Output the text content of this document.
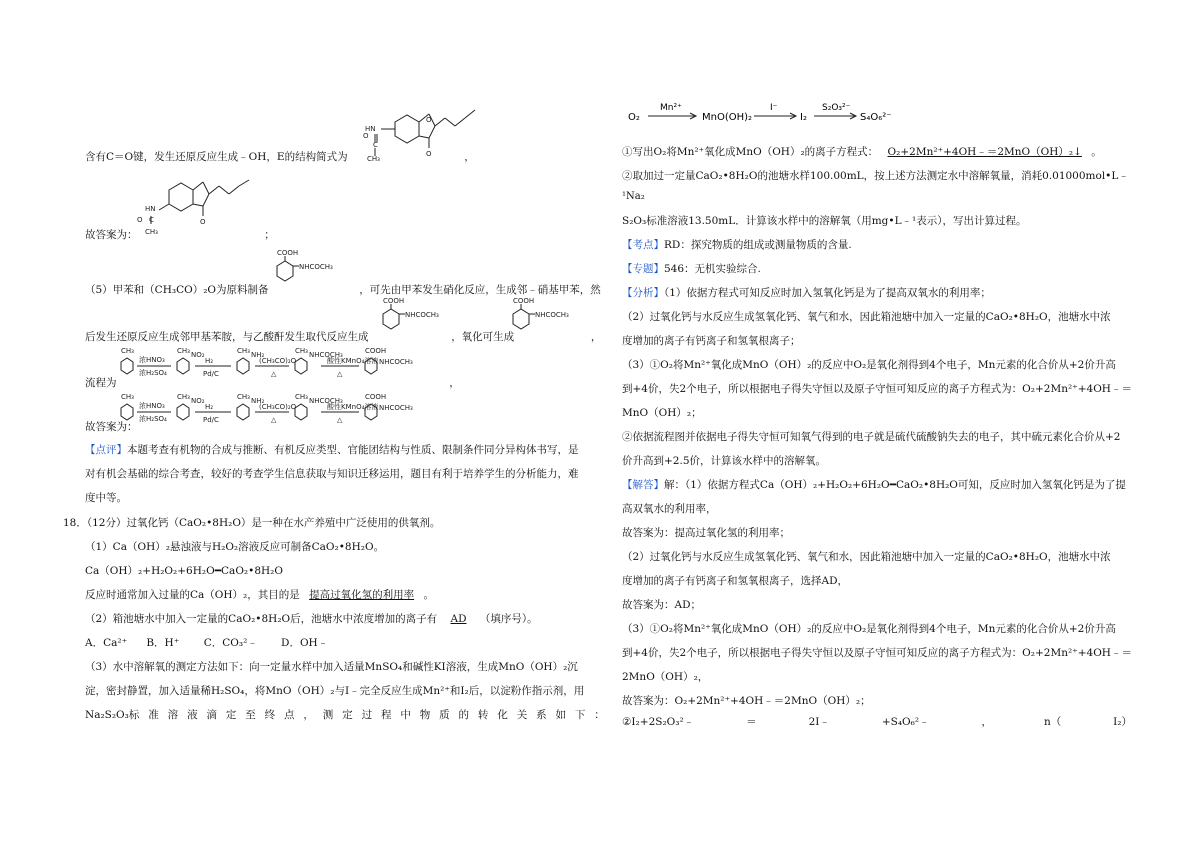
HN
O
O
C
O
CH₃
含有C＝O键，发生还原反应生成﹣OH，E的结构简式为	，
HN
O
C
O
CH₃
故答案为：	；
COOH
NHCOCH₃
（5）甲苯和（CH₃CO）₂O为原料制备	，可先由甲苯发生硝化反应，生成邻﹣硝基甲苯，然
COOH
NHCOCH₃
COOH
NHCOCH₃
后发生还原反应生成邻甲基苯胺，与乙酸酐发生取代反应生成	，氧化可生成	，
CH₃
浓HNO₃
浓H₂SO₄
CH₃ NO₂
H₂
Pd/C
CH₃ NH₂
(CH₃CO)₂O
△
CH₃ NHCOCH₃
酸性KMnO₄溶液
△
COOH
NHCOCH₃
流程为	，
CH₃
浓HNO₃
浓H₂SO₄
CH₃ NO₂
H₂
Pd/C
CH₃ NH₂
(CH₃CO)₂O
△
CH₃ NHCOCH₃
酸性KMnO₄溶液
△
COOH
NHCOCH₃
故答案为：
【点评】本题考查有机物的合成与推断、有机反应类型、官能团结构与性质、限制条件同分异构体书写，是
对有机会基础的综合考查，较好的考查学生信息获取与知识迁移运用，题目有利于培养学生的分析能力，难
度中等。
18．（12分）过氧化钙（CaO₂•8H₂O）是一种在水产养殖中广泛使用的供氧剂。
（1）Ca（OH）₂悬浊液与H₂O₂溶液反应可制备CaO₂•8H₂O。
Ca（OH）₂+H₂O₂+6H₂O━CaO₂•8H₂O
反应时通常加入过量的Ca（OH）₂，其目的是 提高过氧化氢的利用率 。
（2）箱池塘水中加入一定量的CaO₂•8H₂O后，池塘水中浓度增加的离子有 AD （填序号）。
A．Ca²⁺ B．H⁺ C．CO₃²﹣ D．OH﹣
（3）水中溶解氧的测定方法如下：向一定量水样中加入适量MnSO₄和碱性KI溶液，生成MnO（OH）₂沉
淀，密封静置，加入适量稀H₂SO₄，将MnO（OH）₂与I﹣完全反应生成Mn²⁺和I₂后，以淀粉作指示剂，用
Na₂S₂O₃标 准 溶 液 滴 定 至 终 点 ， 测 定 过 程 中 物 质 的 转 化 关 系 如 下 ：
O₂
Mn²⁺
MnO(OH)₂
I⁻
I₂
S₂O₃²⁻
S₄O₆²⁻
①写出O₂将Mn²⁺氧化成MnO（OH）₂的离子方程式： O₂+2Mn²⁺+4OH﹣＝2MnO（OH）₂↓ 。
②取加过一定量CaO₂•8H₂O的池塘水样100.00mL，按上述方法测定水中溶解氧量，消耗0.01000mol•L﹣
¹Na₂
S₂O₃标准溶液13.50mL．计算该水样中的溶解氧（用mg•L﹣¹表示），写出计算过程。
【考点】RD：探究物质的组成或测量物质的含量.
【专题】546：无机实验综合.
【分析】（1）依据方程式可知反应时加入氢氧化钙是为了提高双氧水的利用率；
（2）过氧化钙与水反应生成氢氧化钙、氧气和水，因此箱池塘中加入一定量的CaO₂•8H₂O，池塘水中浓
度增加的离子有钙离子和氢氧根离子；
（3）①O₂将Mn²⁺氧化成MnO（OH）₂的反应中O₂是氧化剂得到4个电子，Mn元素的化合价从+2价升高
到+4价，失2个电子，所以根据电子得失守恒以及原子守恒可知反应的离子方程式为：O₂+2Mn²⁺+4OH﹣＝
MnO（OH）₂；
②依据流程图并依据电子得失守恒可知氧气得到的电子就是硫代硫酸钠失去的电子，其中硫元素化合价从+2
价升高到+2.5价，计算该水样中的溶解氧。
【解答】解：（1）依据方程式Ca（OH）₂+H₂O₂+6H₂O━CaO₂•8H₂O可知，反应时加入氢氧化钙是为了提
高双氧水的利用率，
故答案为：提高过氧化氢的利用率；
（2）过氧化钙与水反应生成氢氧化钙、氧气和水，因此箱池塘中加入一定量的CaO₂•8H₂O，池塘水中浓
度增加的离子有钙离子和氢氧根离子，选择AD，
故答案为：AD；
（3）①O₂将Mn²⁺氧化成MnO（OH）₂的反应中O₂是氧化剂得到4个电子，Mn元素的化合价从+2价升高
到+4价，失2个电子，所以根据电子得失守恒以及原子守恒可知反应的离子方程式为：O₂+2Mn²⁺+4OH﹣＝
2MnO（OH）₂，
故答案为：O₂+2Mn²⁺+4OH﹣＝2MnO（OH）₂；
②I₂+2S₂O₃²﹣	＝	2I﹣	+S₄O₆²﹣	，	n（	I₂）
